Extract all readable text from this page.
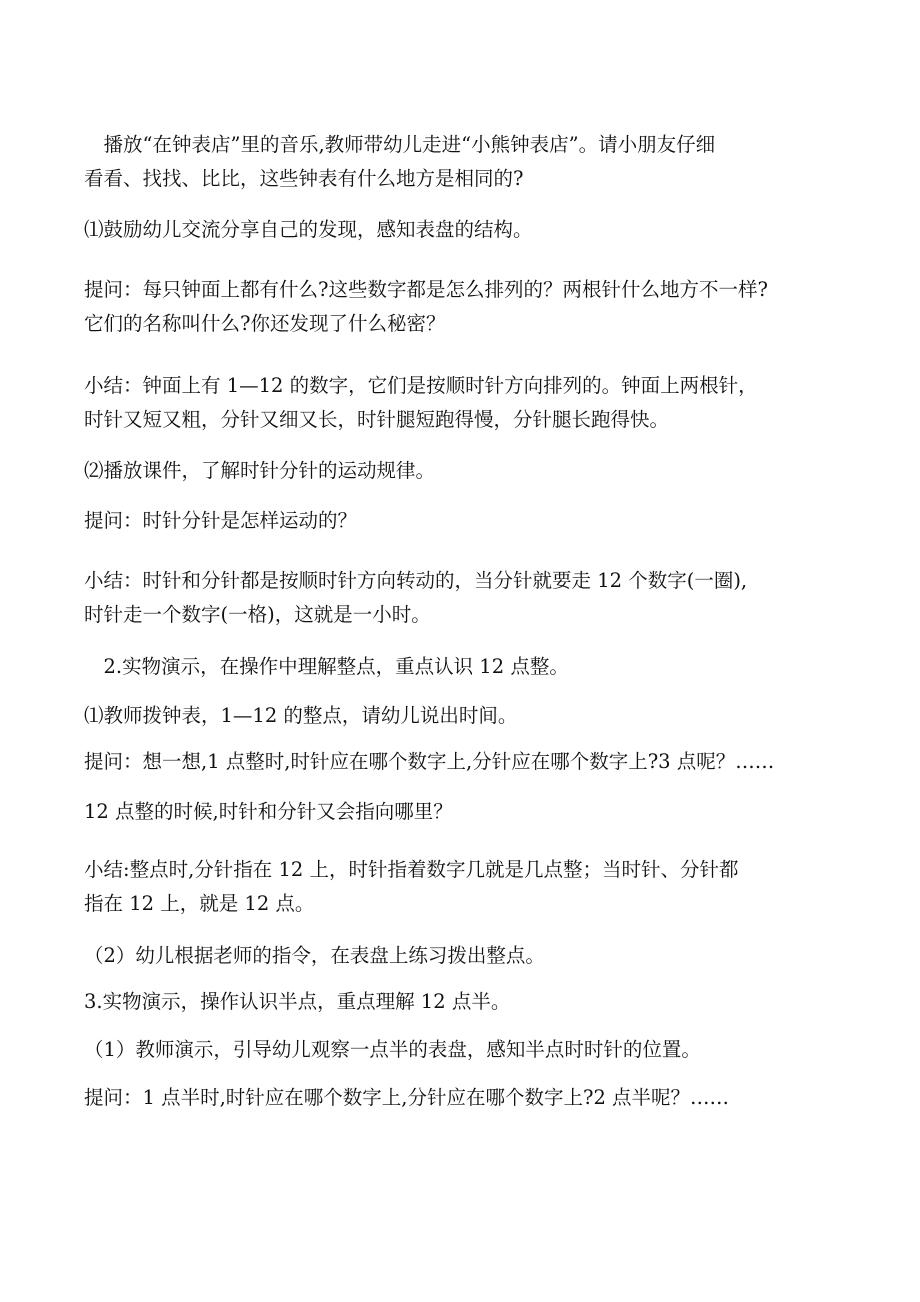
　播放“在钟表店”里的音乐,教师带幼儿走进“小熊钟表店”。请小朋友仔细
看看、找找、比比，这些钟表有什么地方是相同的?

⑴鼓励幼儿交流分享自己的发现，感知表盘的结构。

提问：每只钟面上都有什么?这些数字都是怎么排列的？两根针什么地方不一样?
它们的名称叫什么?你还发现了什么秘密？

小结：钟面上有 1—12 的数字，它们是按顺时针方向排列的。钟面上两根针，
时针又短又粗，分针又细又长，时针腿短跑得慢，分针腿长跑得快。

⑵播放课件，了解时针分针的运动规律。

提问：时针分针是怎样运动的？

小结：时针和分针都是按顺时针方向转动的，当分针就要走 12 个数字(一圈),
时针走一个数字(一格)，这就是一小时。

　2.实物演示，在操作中理解整点，重点认识 12 点整。

⑴教师拨钟表，1—12 的整点，请幼儿说出时间。

提问：想一想,1 点整时,时针应在哪个数字上,分针应在哪个数字上?3 点呢？……

12 点整的时候,时针和分针又会指向哪里？

小结:整点时,分针指在 12 上，时针指着数字几就是几点整；当时针、分针都
指在 12 上，就是 12 点。

（2）幼儿根据老师的指令，在表盘上练习拨出整点。

3.实物演示，操作认识半点，重点理解 12 点半。

（1）教师演示，引导幼儿观察一点半的表盘，感知半点时时针的位置。

提问：1 点半时,时针应在哪个数字上,分针应在哪个数字上?2 点半呢？……
